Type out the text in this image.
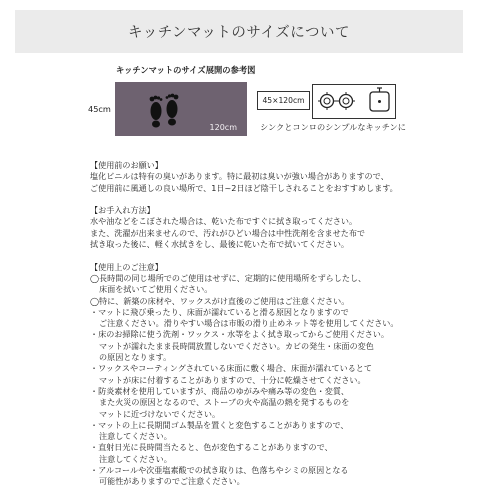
キッチンマットのサイズについて
キッチンマットのサイズ展開の参考図
45cm
120cm
45×120cm
シンクとコンロのシンプルなキッチンに
【使用前のお願い】
塩化ビニルは特有の臭いがあります。特に最初は臭いが強い場合がありますので、
ご使用前に風通しの良い場所で、1日~2日ほど陰干しされることをおすすめします。
【お手入れ方法】
水や油などをこぼされた場合は、乾いた布ですぐに拭き取ってください。
また、洗濯が出来ませんので、汚れがひどい場合は中性洗剤を含ませた布で
拭き取った後に、軽く水拭きをし、最後に乾いた布で拭いてください。
【使用上のご注意】
◯長時間の同じ場所でのご使用はせずに、定期的に使用場所をずらしたし、
床面を拭いてご使用ください。
◯特に、新築の床材や、ワックスがけ直後のご使用はご注意ください。
・マットに飛び乗ったり、床面が濡れていると滑る原因となりますので
ご注意ください。滑りやすい場合は市販の滑り止めネット等を使用してください。
・床のお掃除に使う洗剤・ワックス・水等をよく拭き取ってからご使用ください。
マットが濡れたまま長時間放置しないでください。カビの発生・床面の変色
の原因となります。
・ワックスやコーティングされている床面に敷く場合、床面が濡れているとて
マットが床に付着することがありますので、十分に乾燥させてください。
・防炎素材を使用していますが、商品のゆがみや痛み等の変色・変質、
また火災の原因となるので、ストーブの火や高温の熱を発するものを
マットに近づけないでください。
・マットの上に長期間ゴム製品を置くと変色することがありますので、
注意してください。
・直射日光に長時間当たると、色が変色することがありますので、
注意してください。
・アルコールや次亜塩素酸での拭き取りは、色落ちやシミの原因となる
可能性がありますのでご注意ください。
